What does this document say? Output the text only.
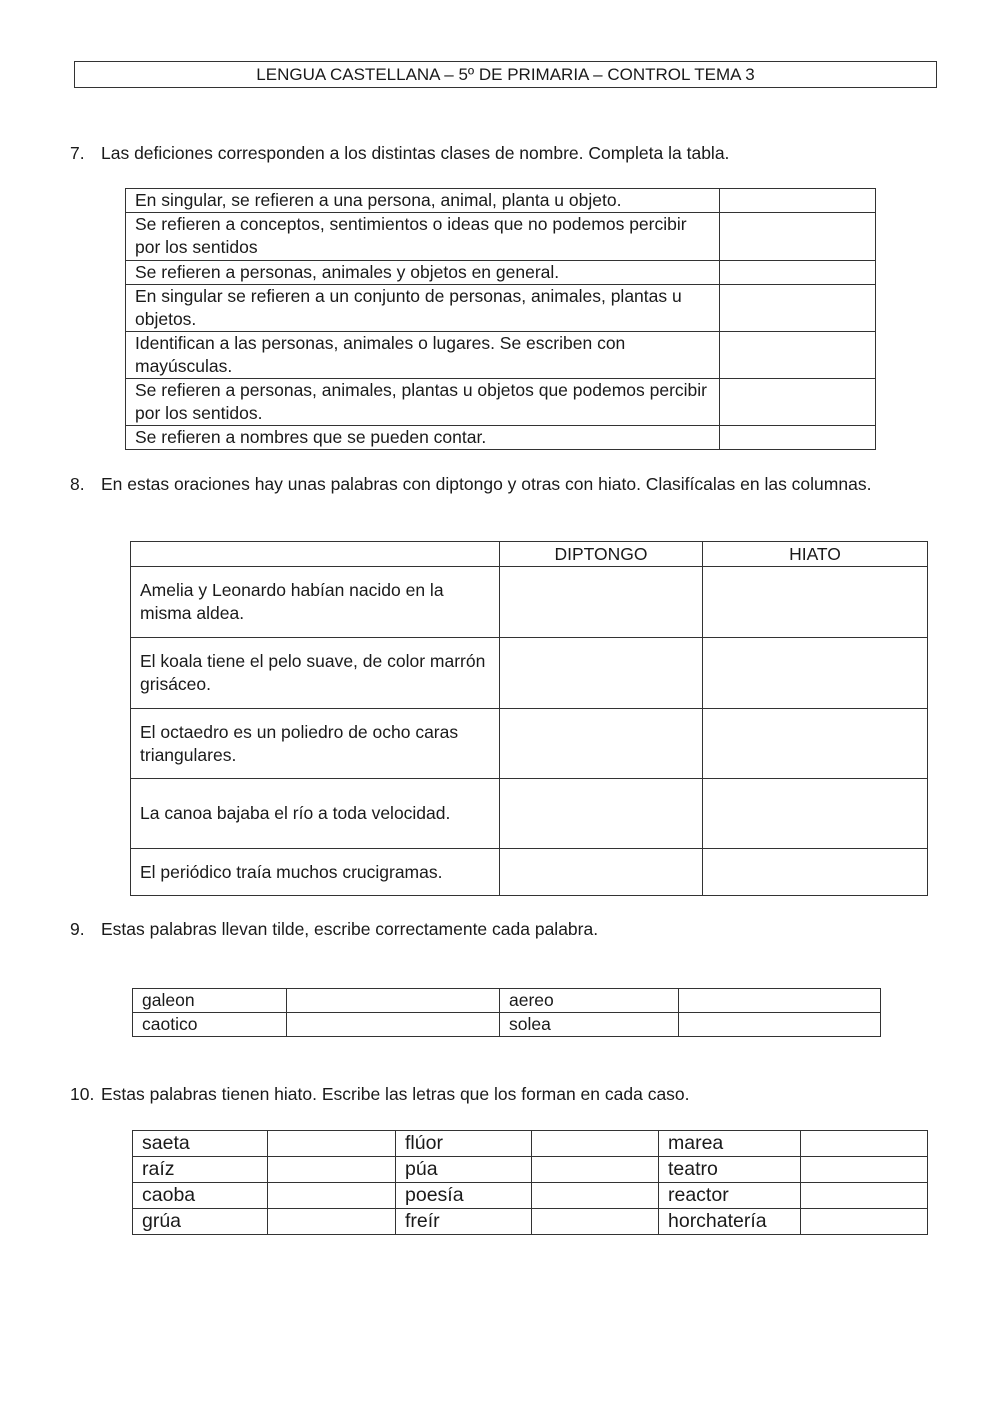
LENGUA CASTELLANA – 5º DE PRIMARIA – CONTROL TEMA 3
7. Las deficiones corresponden a los distintas clases de nombre. Completa la tabla.
En singular, se refieren a una persona, animal, planta u objeto.	
Se refieren a conceptos, sentimientos o ideas que no podemos percibir por los sentidos	
Se refieren a personas, animales y objetos en general.	
En singular se refieren a un conjunto de personas, animales, plantas u objetos.	
Identifican a las personas, animales o lugares. Se escriben con mayúsculas.	
Se refieren a personas, animales, plantas u objetos que podemos percibir por los sentidos.	
Se refieren a nombres que se pueden contar.	
8. En estas oraciones hay unas palabras con diptongo y otras con hiato. Clasifícalas en las columnas.
	DIPTONGO	HIATO
Amelia y Leonardo habían nacido en la misma aldea.		
El koala tiene el pelo suave, de color marrón grisáceo.		
El octaedro es un poliedro de ocho caras triangulares.		
La canoa bajaba el río a toda velocidad.		
El periódico traía muchos crucigramas.		
9. Estas palabras llevan tilde, escribe correctamente cada palabra.
galeon		aereo	
caotico		solea	
10. Estas palabras tienen hiato. Escribe las letras que los forman en cada caso.
saeta		flúor		marea	
raíz		púa		teatro	
caoba		poesía		reactor	
grúa		freír		horchatería	
